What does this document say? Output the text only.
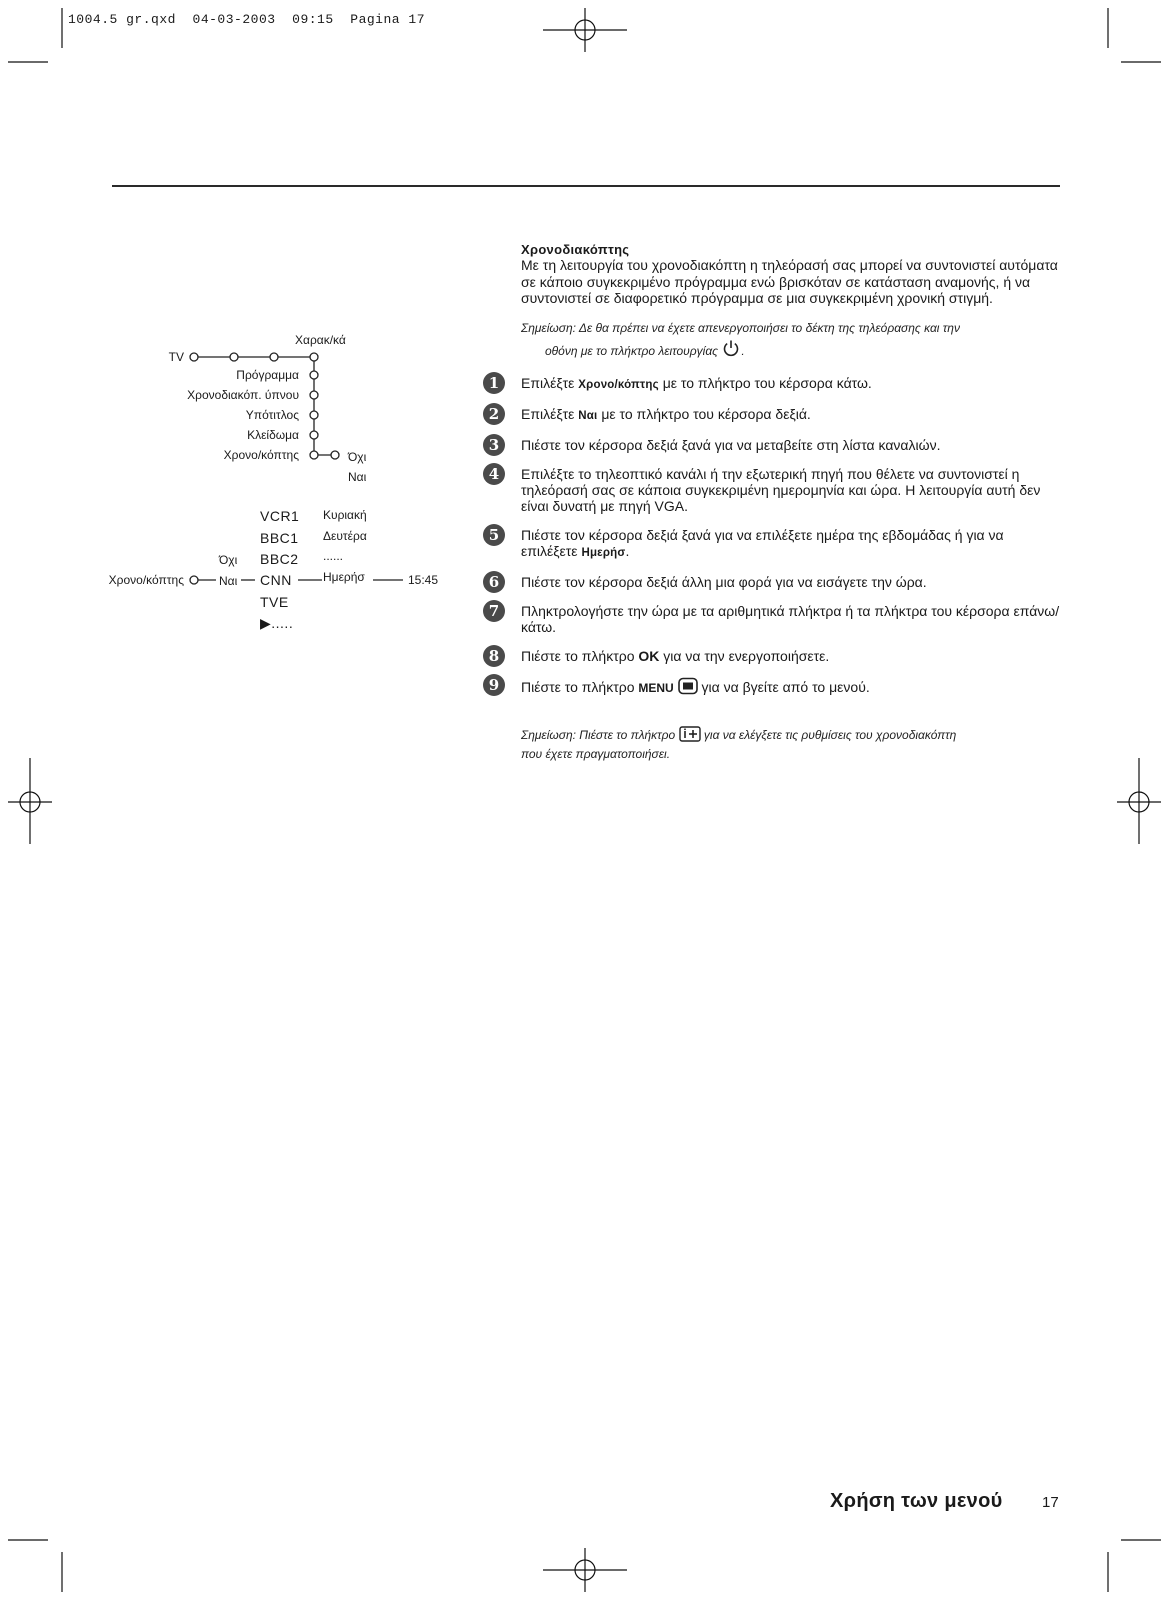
1004.5 gr.qxd 04-03-2003 09:15 Pagina 17
Χαρακ/κά
TV
Πρόγραμμα
Χρονοδιακόπ. ύπνου
Υπότιτλος
Κλείδωμα
Χρονο/κόπτης	Όχι
Ναι
Χρονο/κόπτης
Όχι
Ναι
VCR1
BBC1
BBC2
CNN
TVE
▶.....
Κυριακή
Δευτέρα
......
Ημερήσ	15:45

Χρονοδιακόπτης

Με τη λειτουργία του χρονοδιακόπτη η τηλεόρασή σας μπορεί να συντονιστεί αυτόματα σε κάποιο συγκεκριμένο πρόγραμμα ενώ βρισκόταν σε κατάσταση αναμονής, ή να συντονιστεί σε διαφορετικό πρόγραμμα σε μια συγκεκριμένη χρονική στιγμή.

Σημείωση: Δε θα πρέπει να έχετε απενεργοποιήσει το δέκτη της τηλεόρασης και την
οθόνη με το πλήκτρο λειτουργίας .

1	Επιλέξτε Χρονο/κόπτης με το πλήκτρο του κέρσορα κάτω.
2	Επιλέξτε Ναι με το πλήκτρο του κέρσορα δεξιά.
3	Πιέστε τον κέρσορα δεξιά ξανά για να μεταβείτε στη λίστα καναλιών.
4	Επιλέξτε το τηλεοπτικό κανάλι ή την εξωτερική πηγή που θέλετε να συντονιστεί η τηλεόρασή σας σε κάποια συγκεκριμένη ημερομηνία και ώρα. Η λειτουργία αυτή δεν είναι δυνατή με πηγή VGA.
5	Πιέστε τον κέρσορα δεξιά ξανά για να επιλέξετε ημέρα της εβδομάδας ή για να επιλέξετε Ημερήσ.
6	Πιέστε τον κέρσορα δεξιά άλλη μια φορά για να εισάγετε την ώρα.
7	Πληκτρολογήστε την ώρα με τα αριθμητικά πλήκτρα ή τα πλήκτρα του κέρσορα επάνω/κάτω.
8	Πιέστε το πλήκτρο OK για να την ενεργοποιήσετε.
9	Πιέστε το πλήκτρο MENU για να βγείτε από το μενού.

Σημείωση: Πιέστε το πλήκτρο για να ελέγξετε τις ρυθμίσεις του χρονοδιακόπτη
που έχετε πραγματοποιήσει.

Χρήση των μενού	17
